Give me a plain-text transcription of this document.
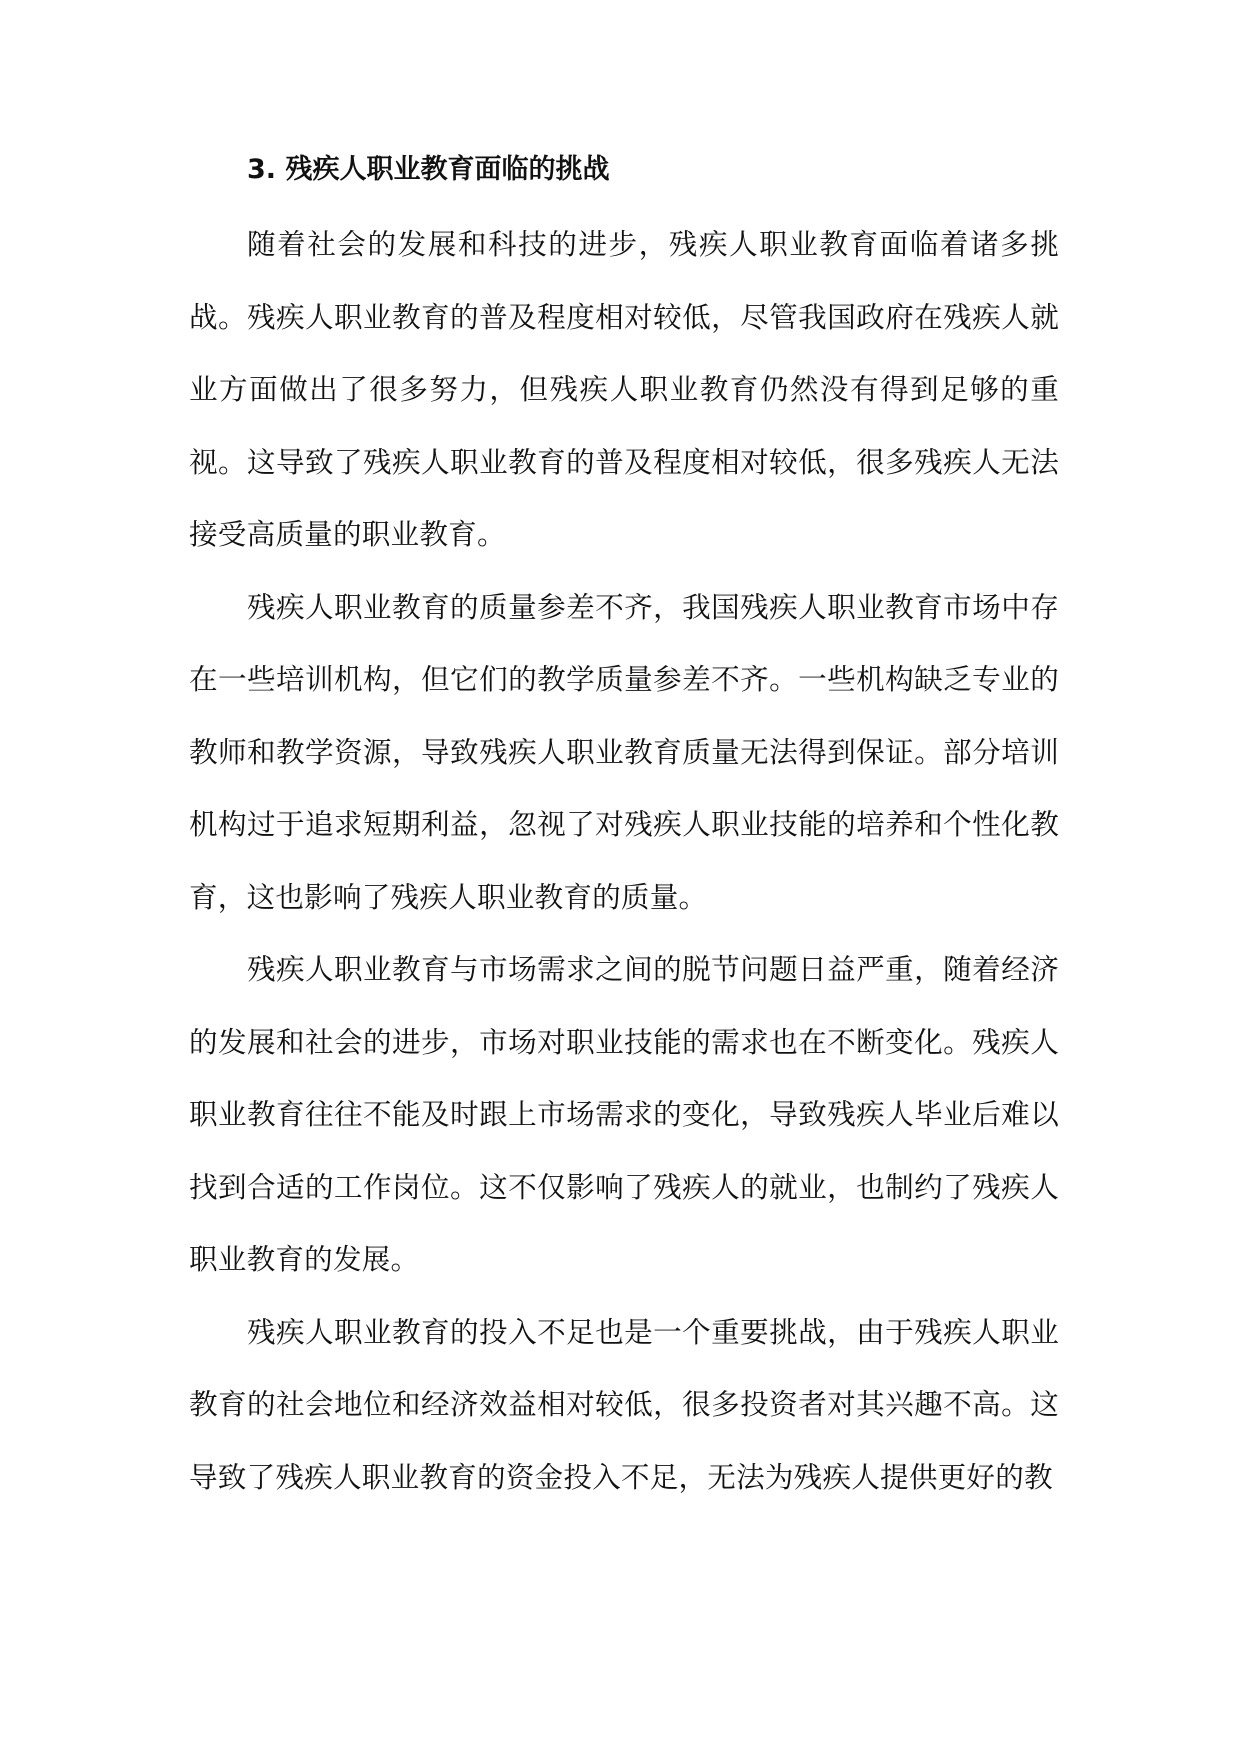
3. 残疾人职业教育面临的挑战

随着社会的发展和科技的进步，残疾人职业教育面临着诸多挑战。残疾人职业教育的普及程度相对较低，尽管我国政府在残疾人就业方面做出了很多努力，但残疾人职业教育仍然没有得到足够的重视。这导致了残疾人职业教育的普及程度相对较低，很多残疾人无法接受高质量的职业教育。

残疾人职业教育的质量参差不齐，我国残疾人职业教育市场中存在一些培训机构，但它们的教学质量参差不齐。一些机构缺乏专业的教师和教学资源，导致残疾人职业教育质量无法得到保证。部分培训机构过于追求短期利益，忽视了对残疾人职业技能的培养和个性化教育，这也影响了残疾人职业教育的质量。

残疾人职业教育与市场需求之间的脱节问题日益严重，随着经济的发展和社会的进步，市场对职业技能的需求也在不断变化。残疾人职业教育往往不能及时跟上市场需求的变化，导致残疾人毕业后难以找到合适的工作岗位。这不仅影响了残疾人的就业，也制约了残疾人职业教育的发展。

残疾人职业教育的投入不足也是一个重要挑战，由于残疾人职业教育的社会地位和经济效益相对较低，很多投资者对其兴趣不高。这导致了残疾人职业教育的资金投入不足，无法为残疾人提供更好的教
